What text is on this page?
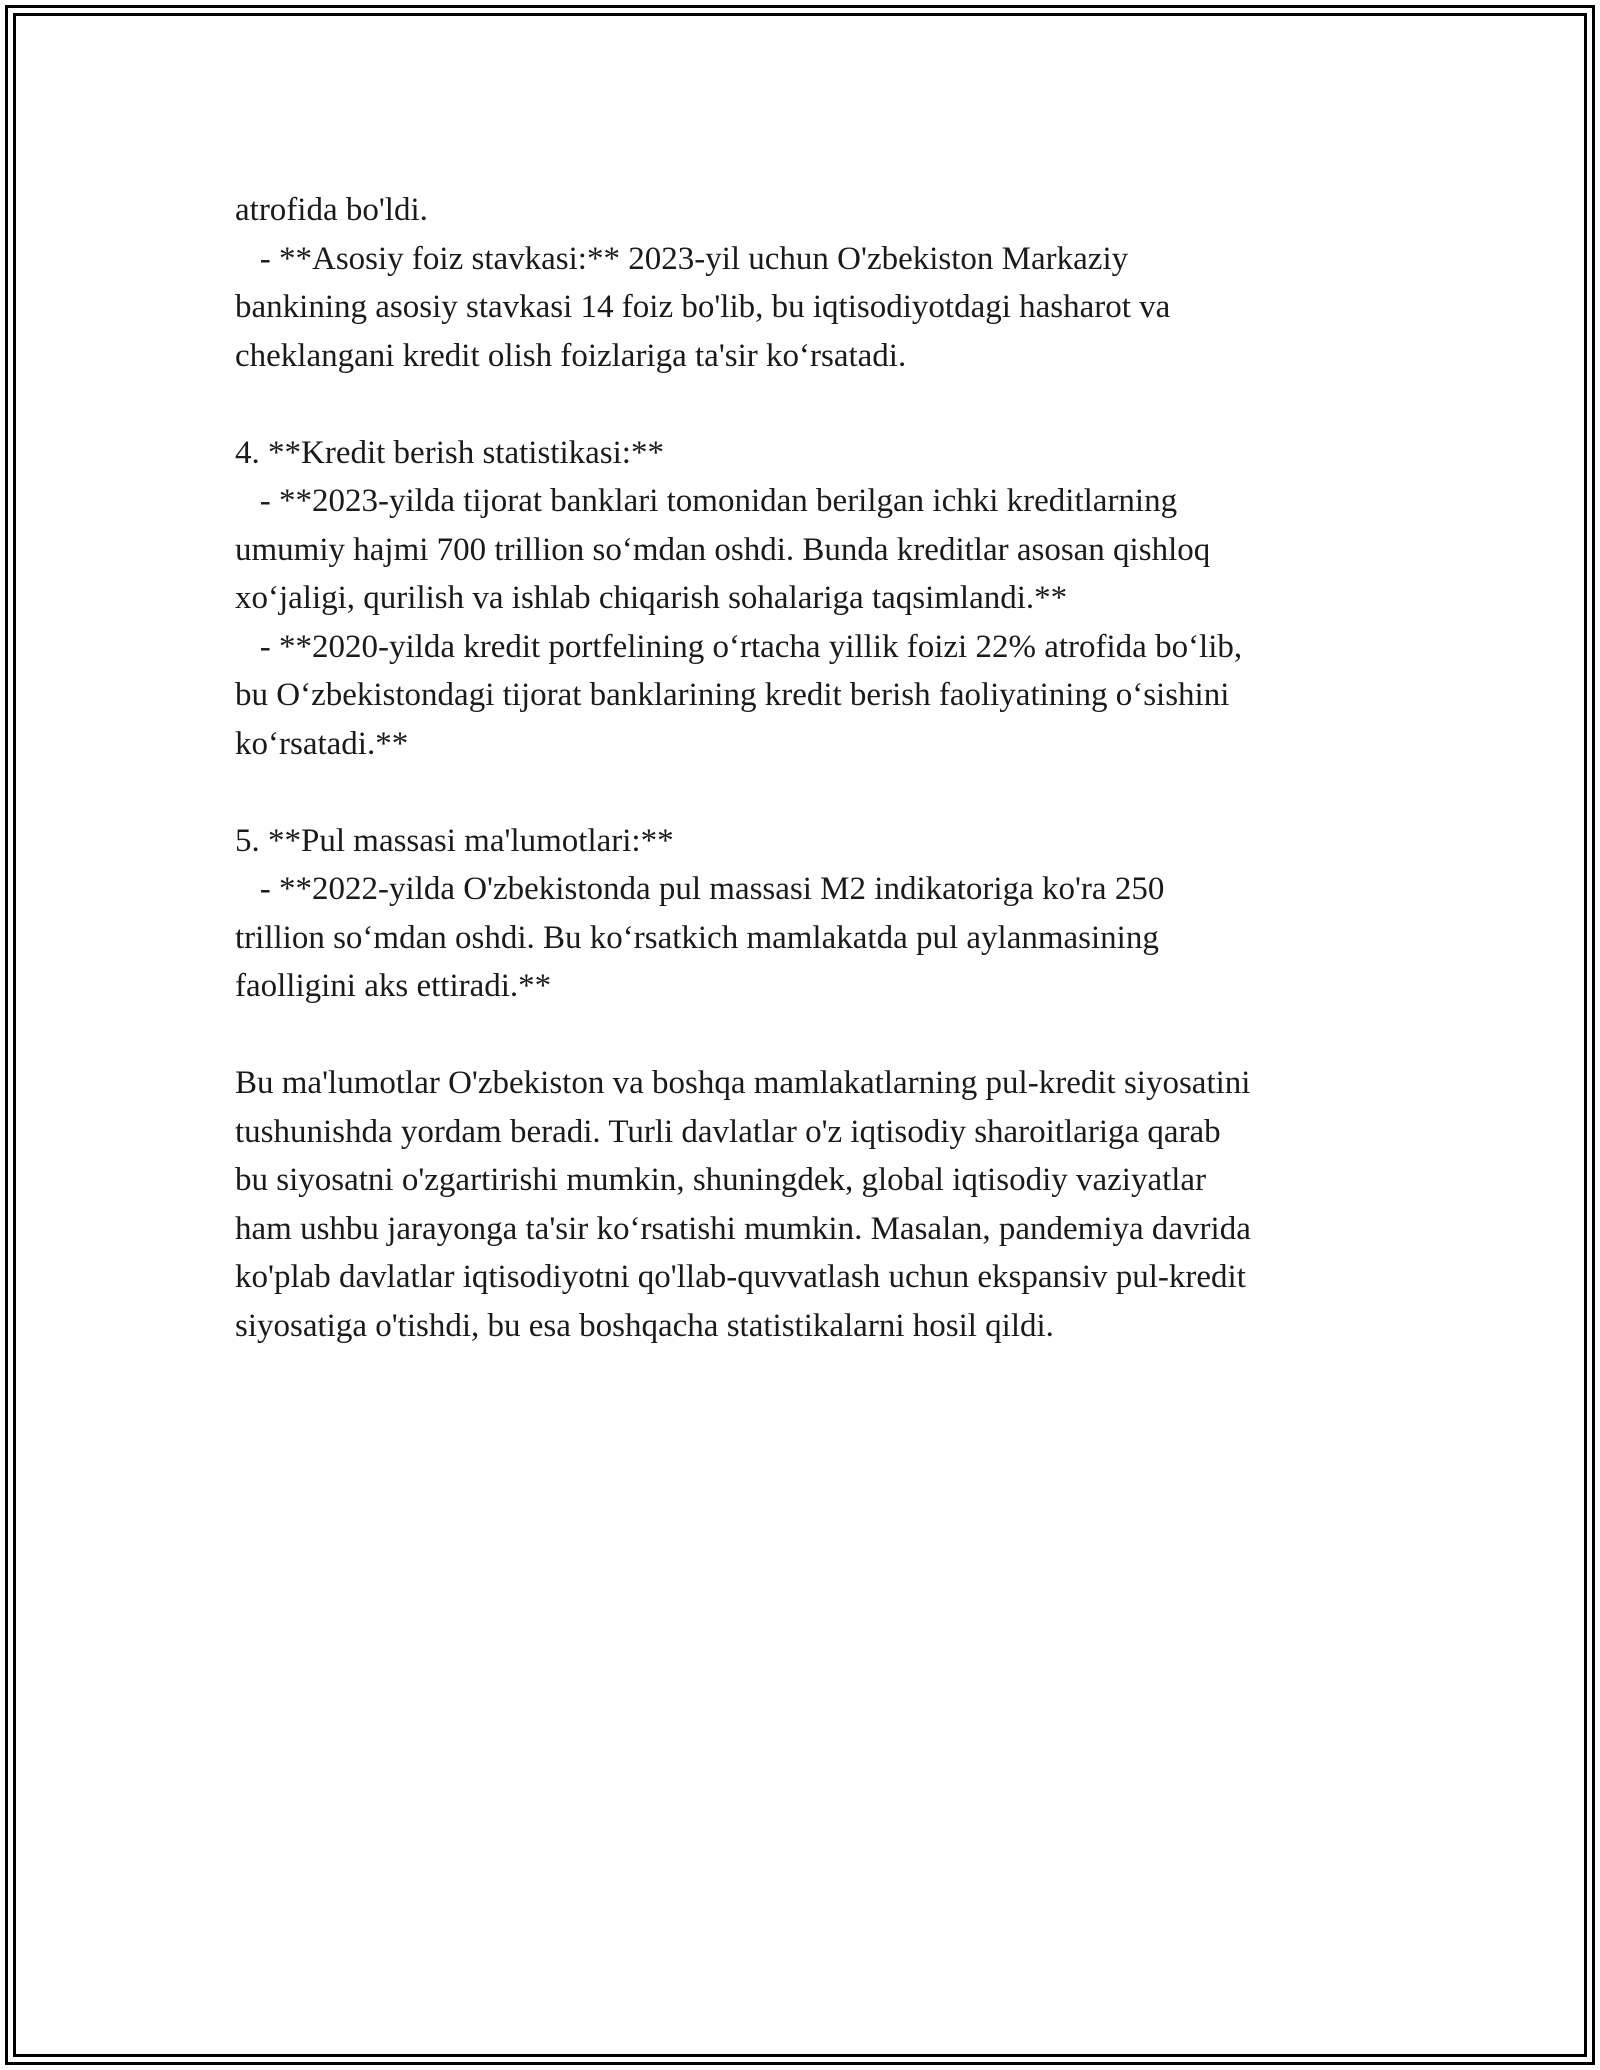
atrofida bo'ldi.
- **Asosiy foiz stavkasi:** 2023-yil uchun O'zbekiston Markaziy
bankining asosiy stavkasi 14 foiz bo'lib, bu iqtisodiyotdagi hasharot va
cheklangani kredit olish foizlariga ta'sir ko‘rsatadi.
4. **Kredit berish statistikasi:**
- **2023-yilda tijorat banklari tomonidan berilgan ichki kreditlarning
umumiy hajmi 700 trillion so‘mdan oshdi. Bunda kreditlar asosan qishloq
xo‘jaligi, qurilish va ishlab chiqarish sohalariga taqsimlandi.**
- **2020-yilda kredit portfelining o‘rtacha yillik foizi 22% atrofida bo‘lib,
bu O‘zbekistondagi tijorat banklarining kredit berish faoliyatining o‘sishini
ko‘rsatadi.**
5. **Pul massasi ma'lumotlari:**
- **2022-yilda O'zbekistonda pul massasi M2 indikatoriga ko'ra 250
trillion so‘mdan oshdi. Bu ko‘rsatkich mamlakatda pul aylanmasining
faolligini aks ettiradi.**
Bu ma'lumotlar O'zbekiston va boshqa mamlakatlarning pul-kredit siyosatini
tushunishda yordam beradi. Turli davlatlar o'z iqtisodiy sharoitlariga qarab
bu siyosatni o'zgartirishi mumkin, shuningdek, global iqtisodiy vaziyatlar
ham ushbu jarayonga ta'sir ko‘rsatishi mumkin. Masalan, pandemiya davrida
ko'plab davlatlar iqtisodiyotni qo'llab-quvvatlash uchun ekspansiv pul-kredit
siyosatiga o'tishdi, bu esa boshqacha statistikalarni hosil qildi.
